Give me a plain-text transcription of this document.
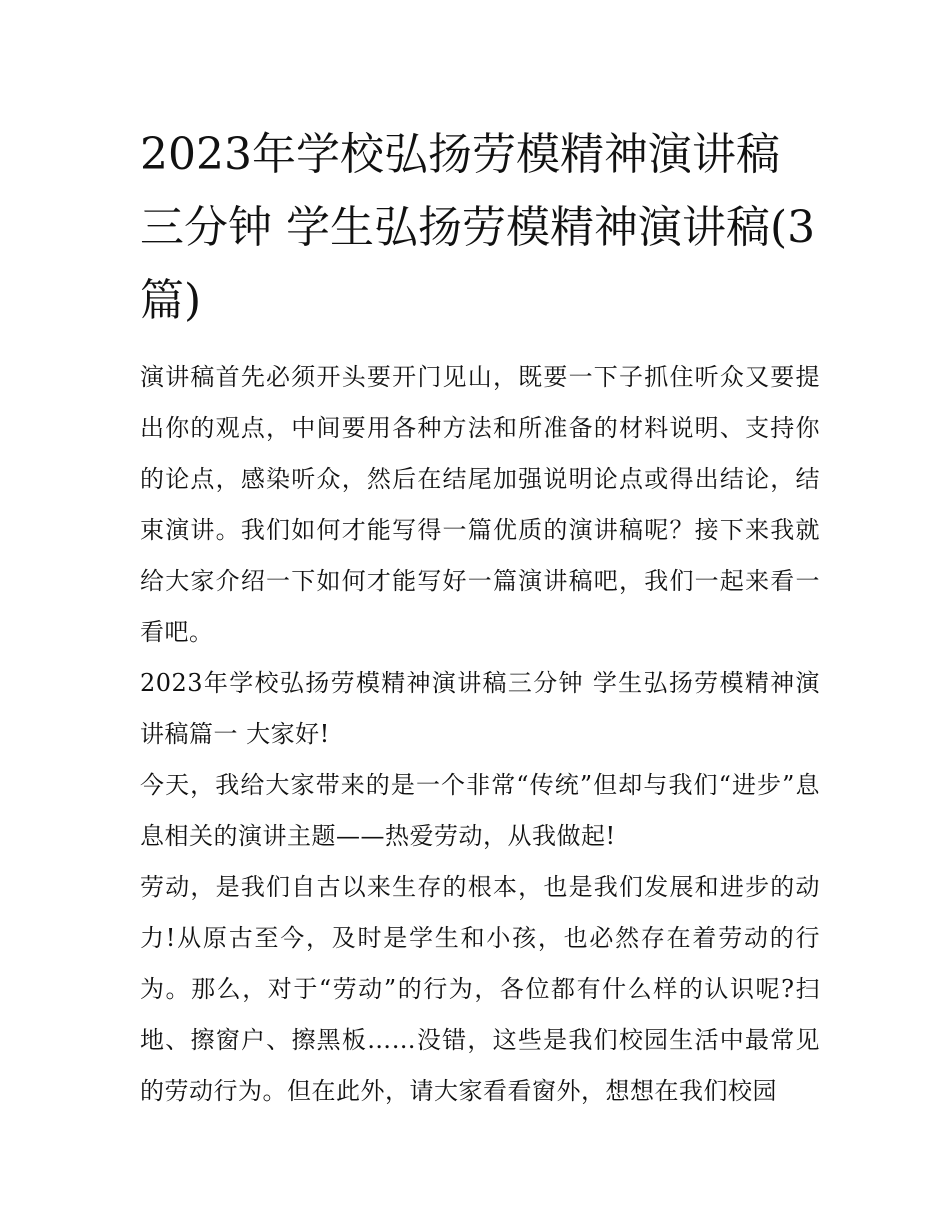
2023年学校弘扬劳模精神演讲稿三分钟 学生弘扬劳模精神演讲稿(3篇)

演讲稿首先必须开头要开门见山，既要一下子抓住听众又要提出你的观点，中间要用各种方法和所准备的材料说明、支持你的论点，感染听众，然后在结尾加强说明论点或得出结论，结束演讲。我们如何才能写得一篇优质的演讲稿呢？接下来我就给大家介绍一下如何才能写好一篇演讲稿吧，我们一起来看一看吧。

2023年学校弘扬劳模精神演讲稿三分钟 学生弘扬劳模精神演讲稿篇一 大家好!

今天，我给大家带来的是一个非常“传统”但却与我们“进步”息息相关的演讲主题——热爱劳动，从我做起!

劳动，是我们自古以来生存的根本，也是我们发展和进步的动力!从原古至今，及时是学生和小孩，也必然存在着劳动的行为。那么，对于“劳动”的行为，各位都有什么样的认识呢?扫地、擦窗户、擦黑板……没错，这些是我们校园生活中最常见的劳动行为。但在此外，请大家看看窗外，想想在我们校园
